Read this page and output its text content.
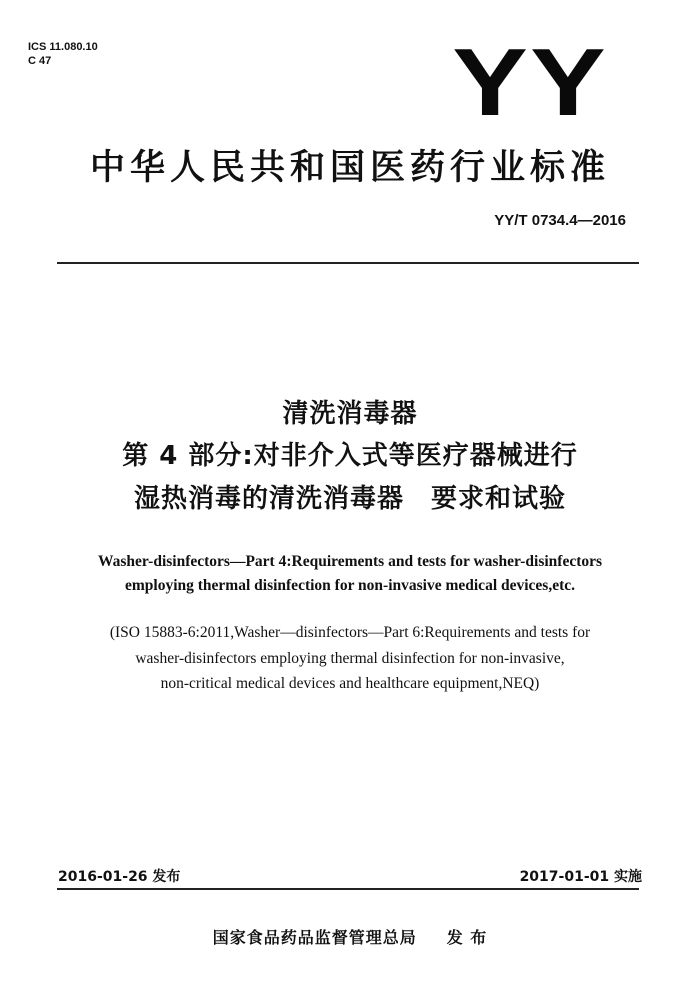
ICS 11.080.10
C 47	YY
中华人民共和国医药行业标准
YY/T 0734.4—2016
清洗消毒器
第 4 部分:对非介入式等医疗器械进行
湿热消毒的清洗消毒器　要求和试验
Washer-disinfectors—Part 4:Requirements and tests for washer-disinfectors
employing thermal disinfection for non-invasive medical devices,etc.
(ISO 15883-6:2011,Washer—disinfectors—Part 6:Requirements and tests for
washer-disinfectors employing thermal disinfection for non-invasive,
non-critical medical devices and healthcare equipment,NEQ)
2016-01-26 发布	2017-01-01 实施
国家食品药品监督管理总局 发 布
